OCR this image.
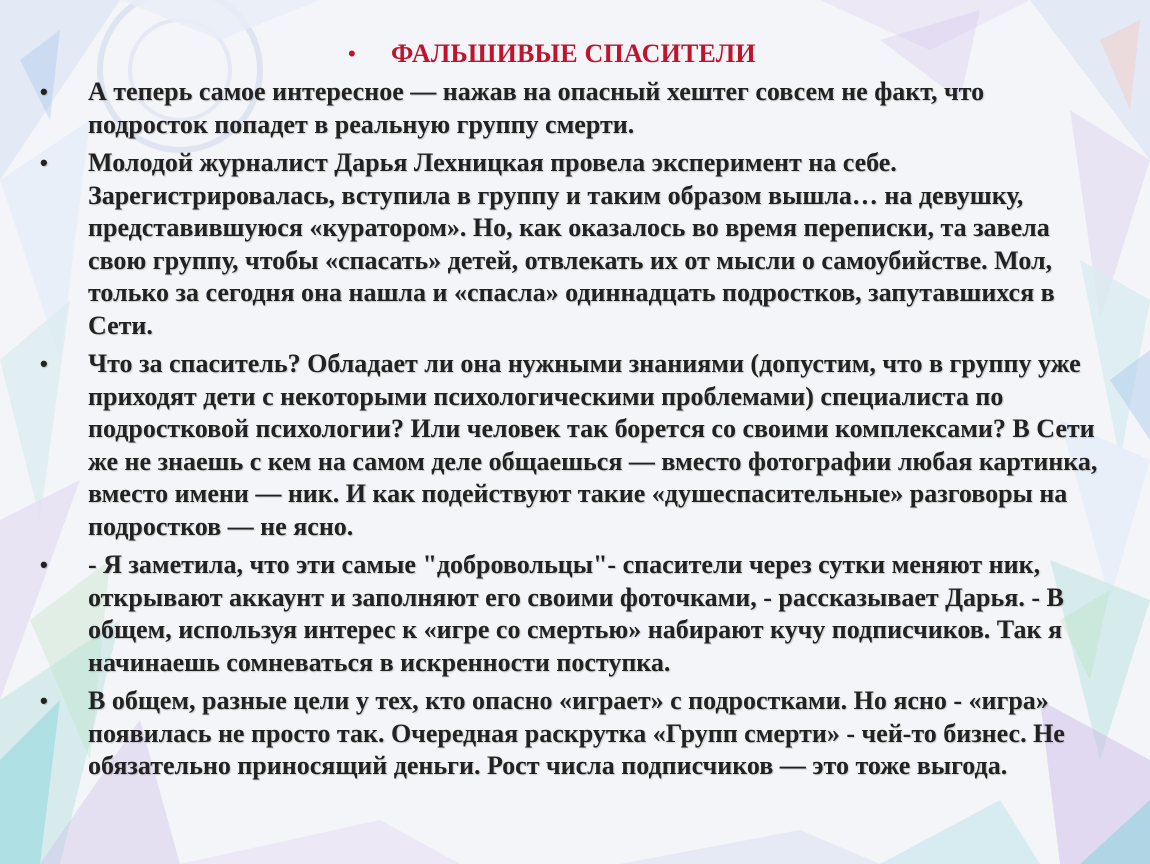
• ФАЛЬШИВЫЕ СПАСИТЕЛИ
• А теперь самое интересное — нажав на опасный хештег совсем не факт, что подросток попадет в реальную группу смерти.
• Молодой журналист Дарья Лехницкая провела эксперимент на себе. Зарегистрировалась, вступила в группу и таким образом вышла… на девушку, представившуюся «куратором». Но, как оказалось во время переписки, та завела свою группу, чтобы «спасать» детей, отвлекать их от мысли о самоубийстве. Мол, только за сегодня она нашла и «спасла» одиннадцать подростков, запутавшихся в Сети.
• Что за спаситель? Обладает ли она нужными знаниями (допустим, что в группу уже приходят дети с некоторыми психологическими проблемами) специалиста по подростковой психологии? Или человек так борется со своими комплексами? В Сети же не знаешь с кем на самом деле общаешься — вместо фотографии любая картинка, вместо имени — ник. И как подействуют такие «душеспасительные» разговоры на подростков — не ясно.
• - Я заметила, что эти самые "добровольцы"- спасители через сутки меняют ник, открывают аккаунт и заполняют его своими фоточками, - рассказывает Дарья. - В общем, используя интерес к «игре со смертью» набирают кучу подписчиков. Так я начинаешь сомневаться в искренности поступка.
• В общем, разные цели у тех, кто опасно «играет» с подростками. Но ясно - «игра» появилась не просто так. Очередная раскрутка «Групп смерти» - чей-то бизнес. Не обязательно приносящий деньги. Рост числа подписчиков — это тоже выгода.
